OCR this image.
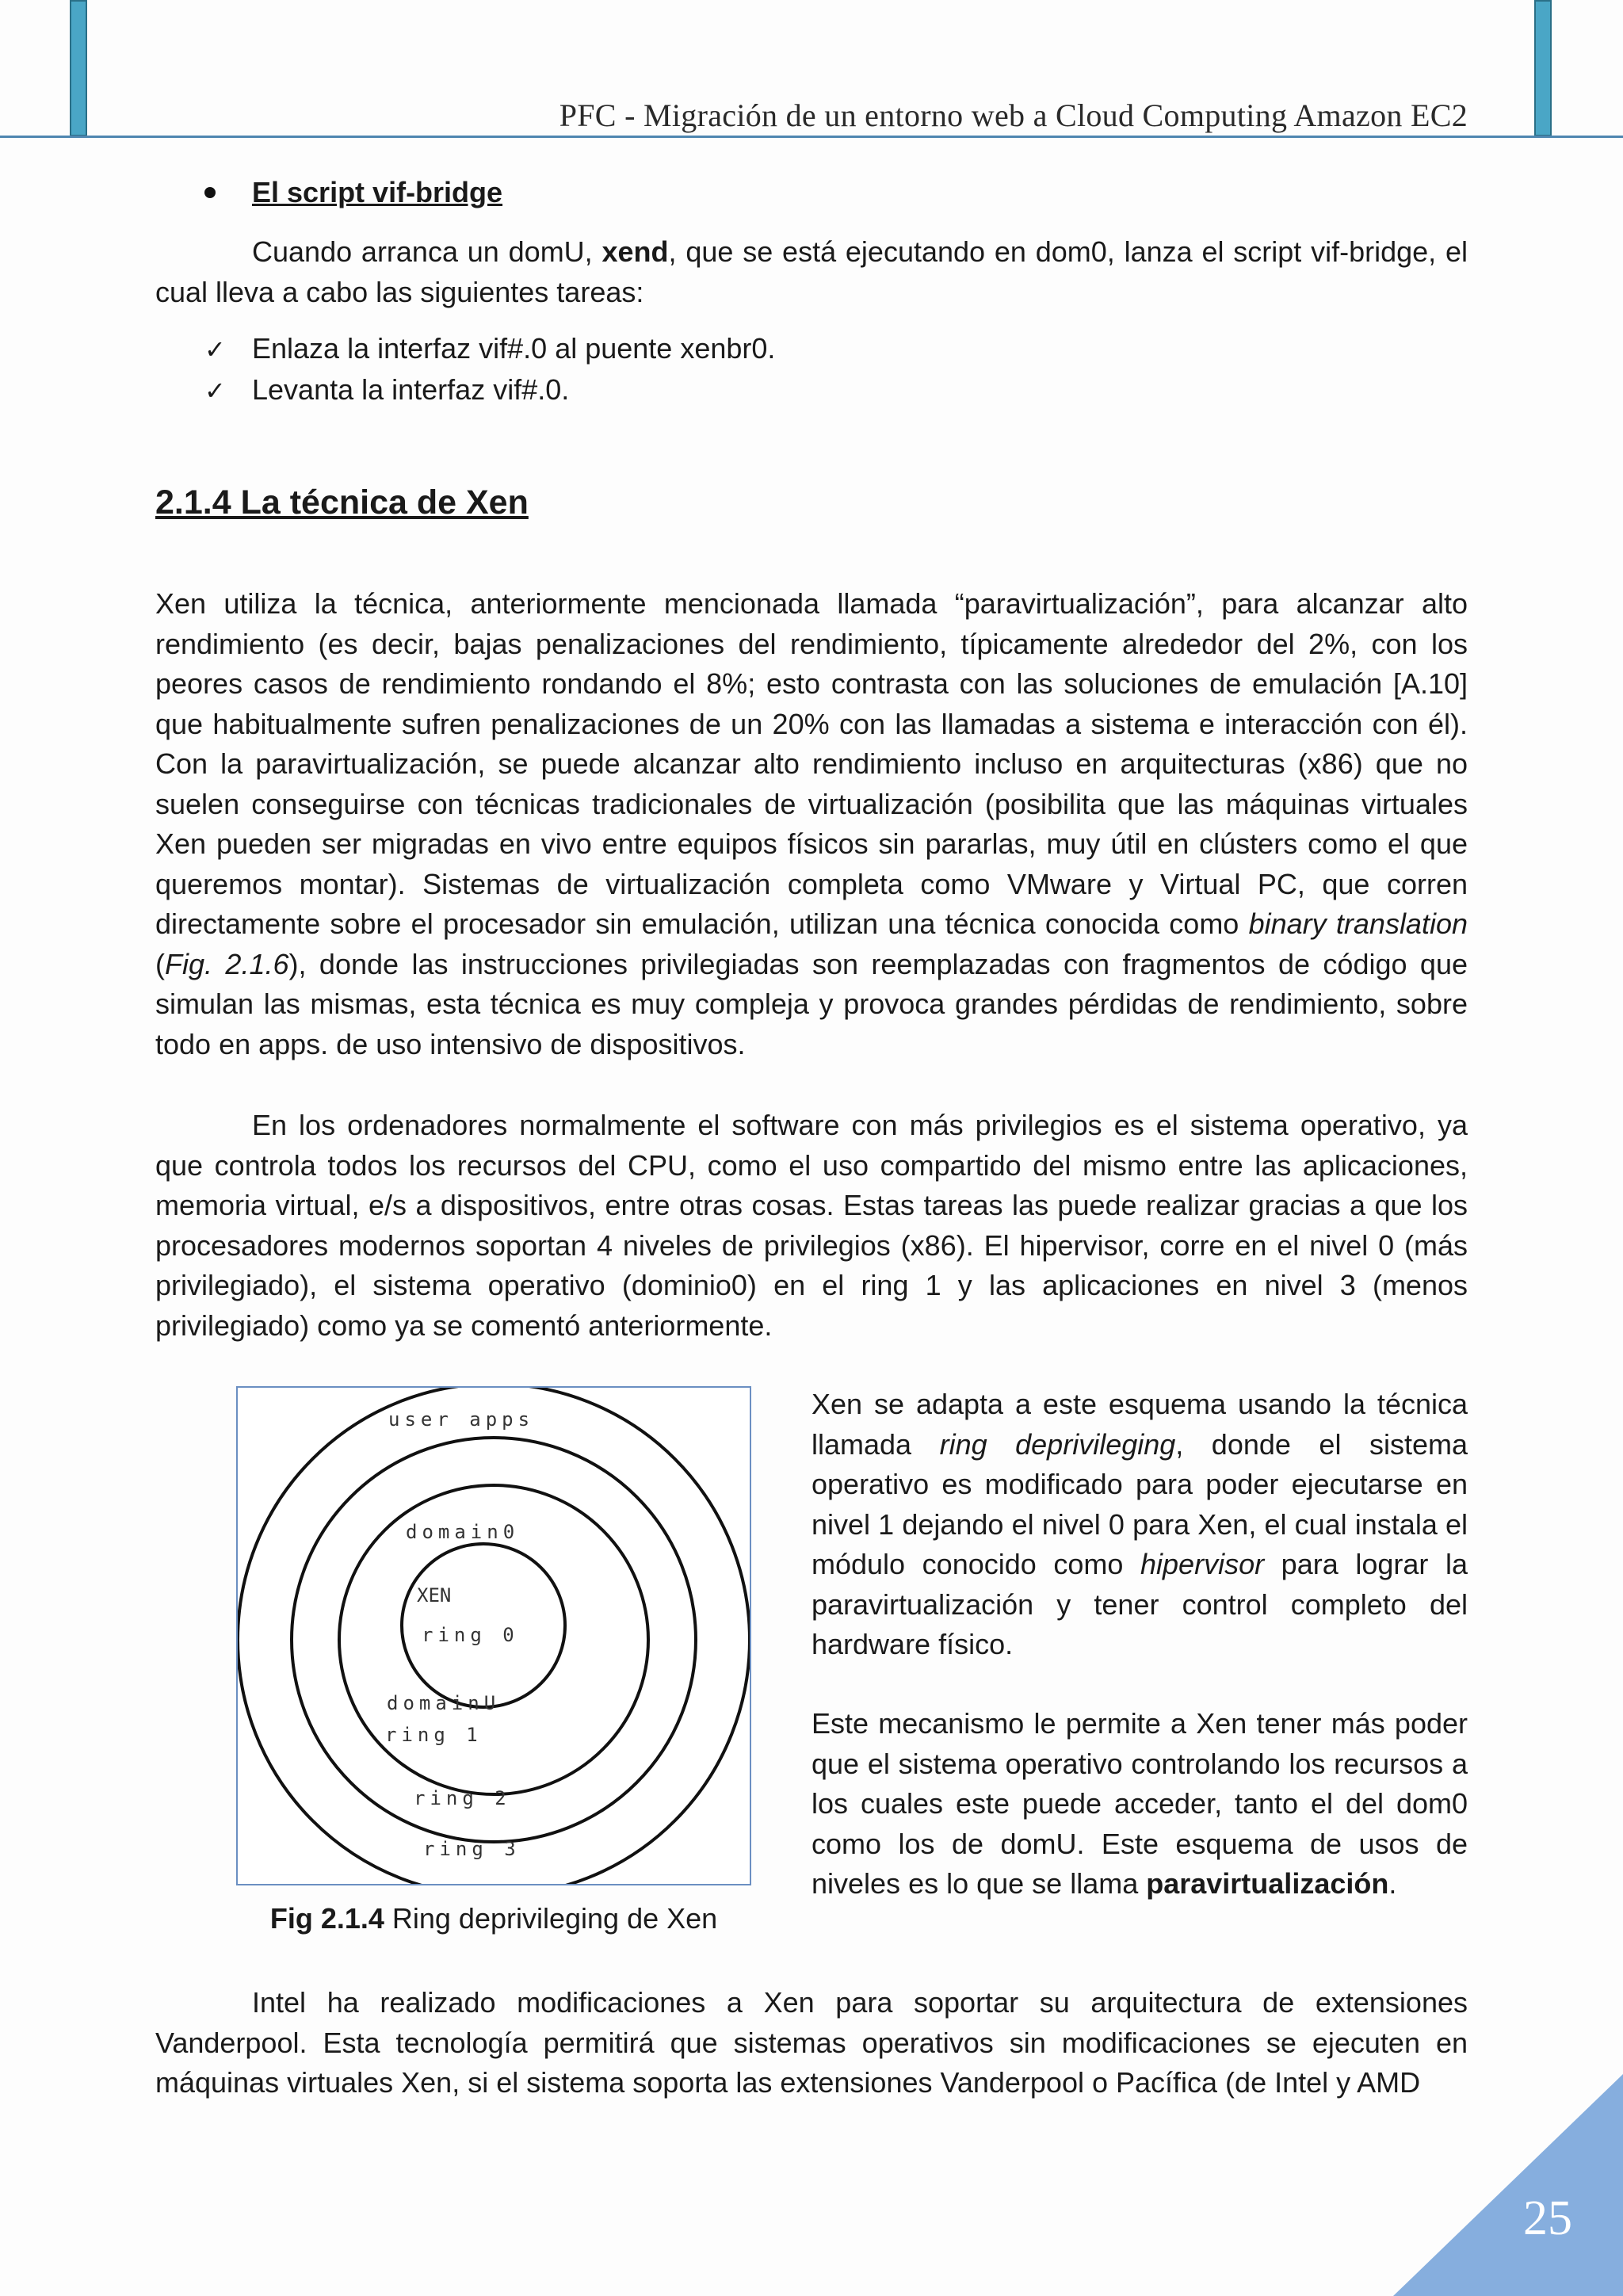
PFC - Migración de un entorno web a Cloud Computing Amazon EC2
El script vif-bridge
Cuando arranca un domU, xend, que se está ejecutando en dom0, lanza el script vif-bridge, el cual lleva a cabo las siguientes tareas:
✓ Enlaza la interfaz vif#.0 al puente xenbr0.
✓ Levanta la interfaz vif#.0.
2.1.4 La técnica de Xen
Xen utiliza la técnica, anteriormente mencionada llamada “paravirtualización”, para alcanzar alto rendimiento (es decir, bajas penalizaciones del rendimiento, típicamente alrededor del 2%, con los peores casos de rendimiento rondando el 8%; esto contrasta con las soluciones de emulación [A.10] que habitualmente sufren penalizaciones de un 20% con las llamadas a sistema e interacción con él). Con la paravirtualización, se puede alcanzar alto rendimiento incluso en arquitecturas (x86) que no suelen conseguirse con técnicas tradicionales de virtualización (posibilita que las máquinas virtuales Xen pueden ser migradas en vivo entre equipos físicos sin pararlas, muy útil en clústers como el que queremos montar). Sistemas de virtualización completa como VMware y Virtual PC, que corren directamente sobre el procesador sin emulación, utilizan una técnica conocida como binary translation (Fig. 2.1.6), donde las instrucciones privilegiadas son reemplazadas con fragmentos de código que simulan las mismas, esta técnica es muy compleja y provoca grandes pérdidas de rendimiento, sobre todo en apps. de uso intensivo de dispositivos.
En los ordenadores normalmente el software con más privilegios es el sistema operativo, ya que controla todos los recursos del CPU, como el uso compartido del mismo entre las aplicaciones, memoria virtual, e/s a dispositivos, entre otras cosas. Estas tareas las puede realizar gracias a que los procesadores modernos soportan 4 niveles de privilegios (x86). El hipervisor, corre en el nivel 0 (más privilegiado), el sistema operativo (dominio0) en el ring 1 y las aplicaciones en nivel 3 (menos privilegiado) como ya se comentó anteriormente.
user apps
domain0
XEN
ring 0
domainU
ring 1
ring 2
ring 3
Fig 2.1.4 Ring deprivileging de Xen
Xen se adapta a este esquema usando la técnica llamada ring deprivileging, donde el sistema operativo es modificado para poder ejecutarse en nivel 1 dejando el nivel 0 para Xen, el cual instala el módulo conocido como hipervisor para lograr la paravirtualización y tener control completo del hardware físico.
Este mecanismo le permite a Xen tener más poder que el sistema operativo controlando los recursos a los cuales este puede acceder, tanto el del dom0 como los de domU. Este esquema de usos de niveles es lo que se llama paravirtualización.
Intel ha realizado modificaciones a Xen para soportar su arquitectura de extensiones Vanderpool. Esta tecnología permitirá que sistemas operativos sin modificaciones se ejecuten en máquinas virtuales Xen, si el sistema soporta las extensiones Vanderpool o Pacífica (de Intel y AMD
25
